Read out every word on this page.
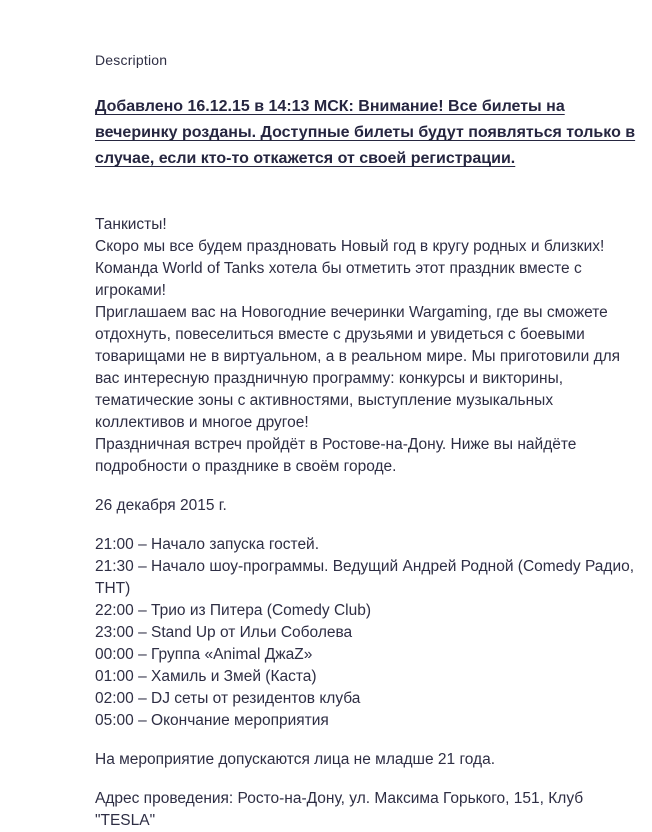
Description

Добавлено 16.12.15 в 14:13 МСК: Внимание! Все билеты на вечеринку розданы. Доступные билеты будут появляться только в случае, если кто-то откажется от своей регистрации.

Танкисты!
Скоро мы все будем праздновать Новый год в кругу родных и близких!
Команда World of Tanks хотела бы отметить этот праздник вместе с игроками!
Приглашаем вас на Новогодние вечеринки Wargaming, где вы сможете отдохнуть, повеселиться вместе с друзьями и увидеться с боевыми товарищами не в виртуальном, а в реальном мире. Мы приготовили для вас интересную праздничную программу: конкурсы и викторины, тематические зоны с активностями, выступление музыкальных коллективов и многое другое!
Праздничная встреч пройдёт в Ростове-на-Дону. Ниже вы найдёте подробности о празднике в своём городе.
26 декабря 2015 г.
21:00 – Начало запуска гостей.
21:30 – Начало шоу-программы. Ведущий Андрей Родной (Comedy Радио, ТНТ)
22:00 – Трио из Питера (Comedy Club)
23:00 – Stand Up от Ильи Соболева
00:00 – Группа «Animal ДжаZ»
01:00 – Хамиль и Змей (Каста)
02:00 – DJ сеты от резидентов клуба
05:00 – Окончание мероприятия
На мероприятие допускаются лица не младше 21 года.
Адрес проведения: Росто-на-Дону, ул. Максима Горького, 151, Клуб "TESLA"
